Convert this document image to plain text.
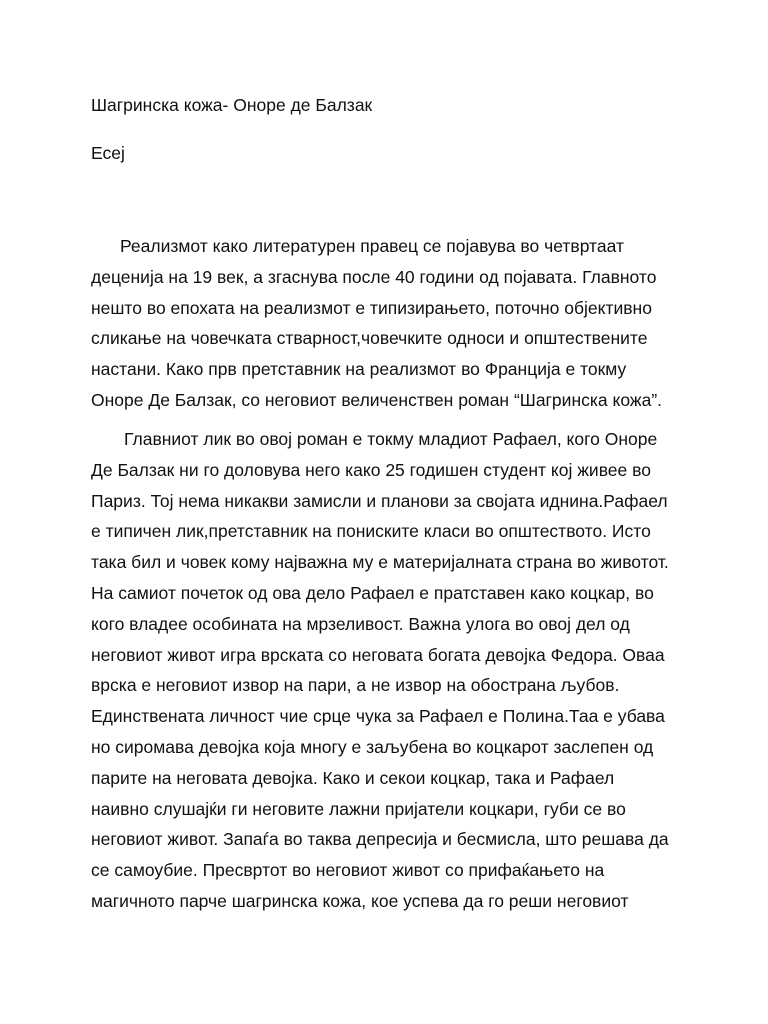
Шагринска кожа- Оноре де Балзак
Есеј
Реализмот како литературен правец се појавува во четвртаат
деценија на 19 век, а згаснува после 40 години од појавата. Главното
нешто во епохата на реализмот е типизирањето, поточно објективно
сликање на човечката стварност,човечките односи и општествените
настани. Како прв претставник на реализмот во Франција е токму
Оноре Де Балзак, со неговиот величенствен роман “Шагринска кожа”.
Главниот лик во овој роман е токму младиот Рафаел, кого Оноре
Де Балзак ни го доловува него како 25 годишен студент кој живее во
Париз. Тој нема никакви замисли и планови за својата иднина.Рафаел
е типичен лик,претставник на пониските класи во општеството. Исто
така бил и човек кому најважна му е материјалната страна во животот.
На самиот почеток од ова дело Рафаел е пратставен како коцкар, во
кого владее особината на мрзеливост. Важна улога во овој дел од
неговиот живот игра врската со неговата богата девојка Федора. Оваа
врска е неговиот извор на пари, а не извор на обострана љубов.
Единствената личност чие срце чука за Рафаел е Полина.Таа е убава
но сиромава девојка која многу е заљубена во коцкарот заслепен од
парите на неговата девојка. Како и секои коцкар, така и Рафаел
наивно слушајќи ги неговите лажни пријатели коцкари, губи се во
неговиот живот. Запаѓа во таква депресија и бесмисла, што решава да
се самоубие. Пресвртот во неговиот живот со прифаќањето на
магичното парче шагринска кожа, кое успева да го реши неговиот
